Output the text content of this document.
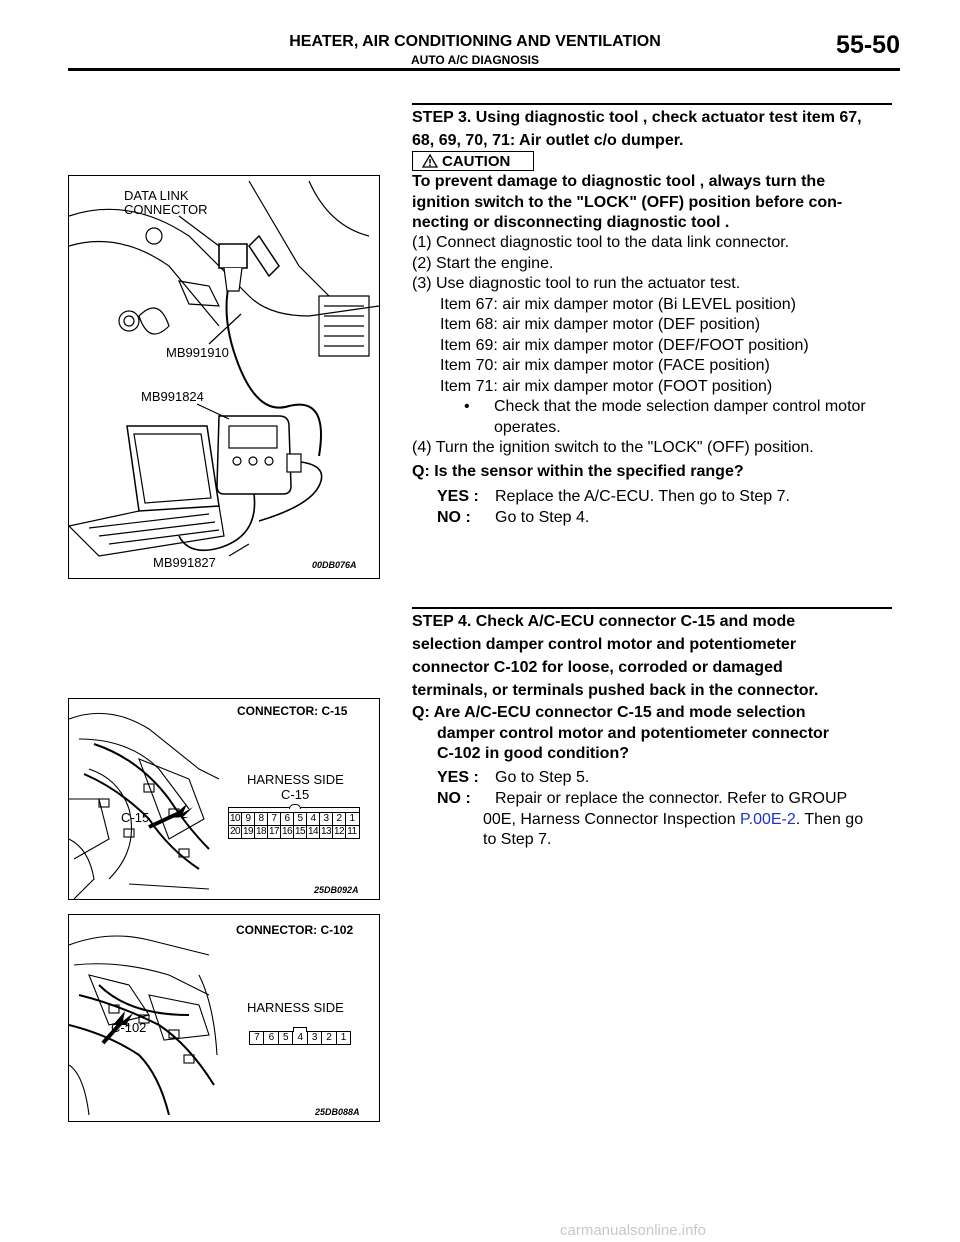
HEATER, AIR CONDITIONING AND VENTILATION
AUTO A/C DIAGNOSIS
55-50
STEP 3. Using diagnostic tool , check actuator test item 67,
68, 69, 70, 71: Air outlet c/o dumper.
CAUTION
To prevent damage to diagnostic tool , always turn the
ignition switch to the "LOCK" (OFF) position before con-
necting or disconnecting diagnostic tool .
(1) Connect diagnostic tool to the data link connector.
(2) Start the engine.
(3) Use diagnostic tool to run the actuator test.
Item 67: air mix damper motor (Bi LEVEL position)
Item 68: air mix damper motor (DEF position)
Item 69: air mix damper motor (DEF/FOOT position)
Item 70: air mix damper motor (FACE position)
Item 71: air mix damper motor (FOOT position)
•	Check that the mode selection damper control motor
operates.
(4) Turn the ignition switch to the "LOCK" (OFF) position.
Q: Is the sensor within the specified range?
YES : Replace the A/C-ECU. Then go to Step 7.
NO : Go to Step 4.
STEP 4. Check A/C-ECU connector C-15 and mode
selection damper control motor and potentiometer
connector C-102 for loose, corroded or damaged
terminals, or terminals pushed back in the connector.
Q: Are A/C-ECU connector C-15 and mode selection
damper control motor and potentiometer connector
C-102 in good condition?
YES : Go to Step 5.
NO : Repair or replace the connector. Refer to GROUP
00E, Harness Connector Inspection P.00E-2. Then go
to Step 7.
DATA LINK
CONNECTOR
MB991910
MB991824
MB991827	00DB076A
CONNECTOR: C-15
HARNESS SIDE
C-15
C-15	10 9 8 7 6 5 4 3 2 1
20 19 18 17 16 15 14 13 12 11
25DB092A
CONNECTOR: C-102
HARNESS SIDE
C-102
7 6 5 4 3 2 1
25DB088A
carmanualsonline.info
